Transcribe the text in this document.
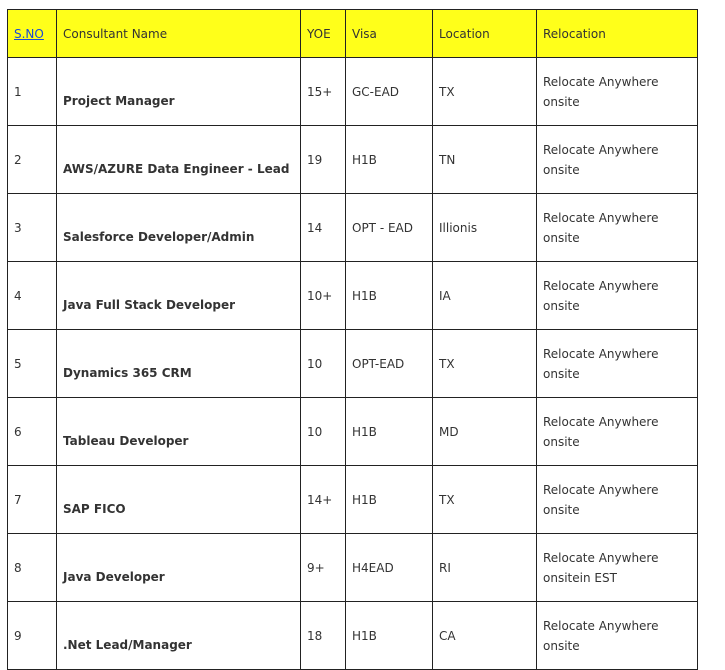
S.NO	Consultant Name	YOE	Visa	Location	Relocation
1	Project Manager	15+	GC-EAD	TX	Relocate Anywhere
onsite

2	AWS/AZURE Data Engineer - Lead	19	H1B	TN	Relocate Anywhere
onsite

3	Salesforce Developer/Admin	14	OPT - EAD	Illionis	Relocate Anywhere
onsite

4	Java Full Stack Developer	10+	H1B	IA	Relocate Anywhere
onsite

5	Dynamics 365 CRM	10	OPT-EAD	TX	Relocate Anywhere
onsite

6	Tableau Developer	10	H1B	MD	Relocate Anywhere
onsite

7	SAP FICO	14+	H1B	TX	Relocate Anywhere
onsite

8	Java Developer	9+	H4EAD	RI	Relocate Anywhere
onsitein EST

9	.Net Lead/Manager	18	H1B	CA	Relocate Anywhere
onsite
